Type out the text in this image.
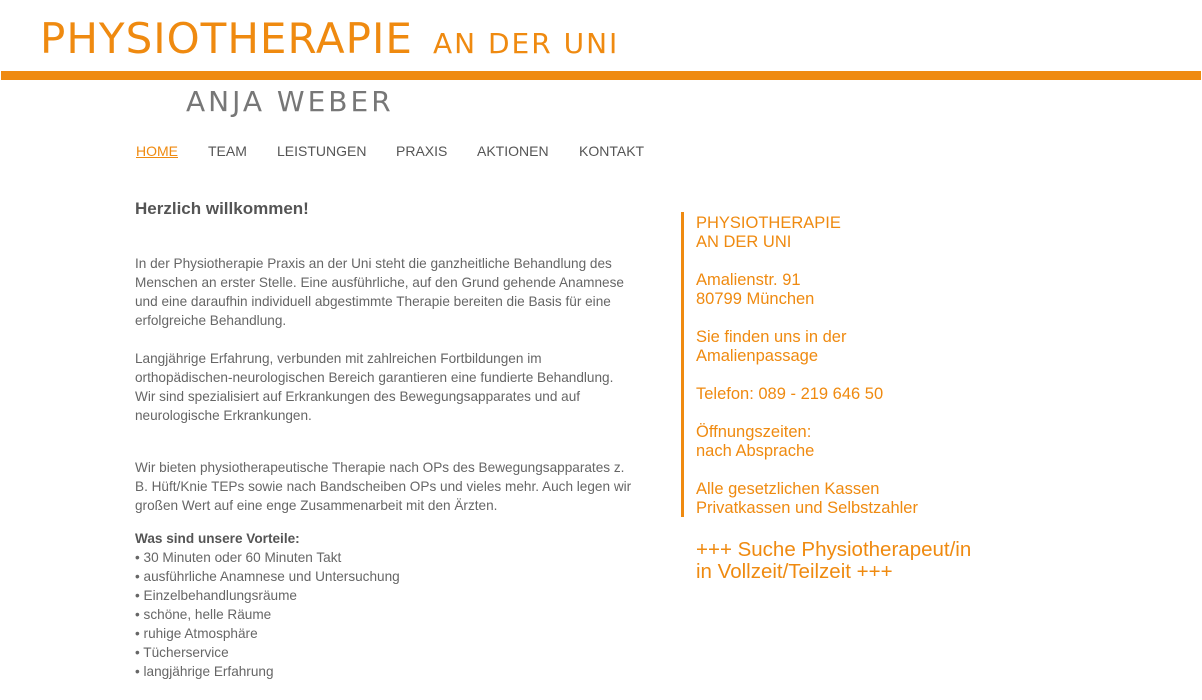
PHYSIOTHERAPIE AN DER UNI
ANJA WEBER
HOME TEAM LEISTUNGEN PRAXIS AKTIONEN KONTAKT
Herzlich willkommen!

In der Physiotherapie Praxis an der Uni steht die ganzheitliche Behandlung des Menschen an erster Stelle. Eine ausführliche, auf den Grund gehende Anamnese und eine daraufhin individuell abgestimmte Therapie bereiten die Basis für eine erfolgreiche Behandlung.

Langjährige Erfahrung, verbunden mit zahlreichen Fortbildungen im orthopädischen-neurologischen Bereich garantieren eine fundierte Behandlung. Wir sind spezialisiert auf Erkrankungen des Bewegungsapparates und auf neurologische Erkrankungen.

Wir bieten physiotherapeutische Therapie nach OPs des Bewegungsapparates z. B. Hüft/Knie TEPs sowie nach Bandscheiben OPs und vieles mehr. Auch legen wir großen Wert auf eine enge Zusammenarbeit mit den Ärzten.

Was sind unsere Vorteile:

• 30 Minuten oder 60 Minuten Takt
• ausführliche Anamnese und Untersuchung
• Einzelbehandlungsräume
• schöne, helle Räume
• ruhige Atmosphäre
• Tücherservice
• langjährige Erfahrung

PHYSIOTHERAPIE
AN DER UNI

Amalienstr. 91
80799 München

Sie finden uns in der
Amalienpassage

Telefon: 089 - 219 646 50

Öffnungszeiten:
nach Absprache

Alle gesetzlichen Kassen
Privatkassen und Selbstzahler

+++ Suche Physiotherapeut/in
in Vollzeit/Teilzeit +++
